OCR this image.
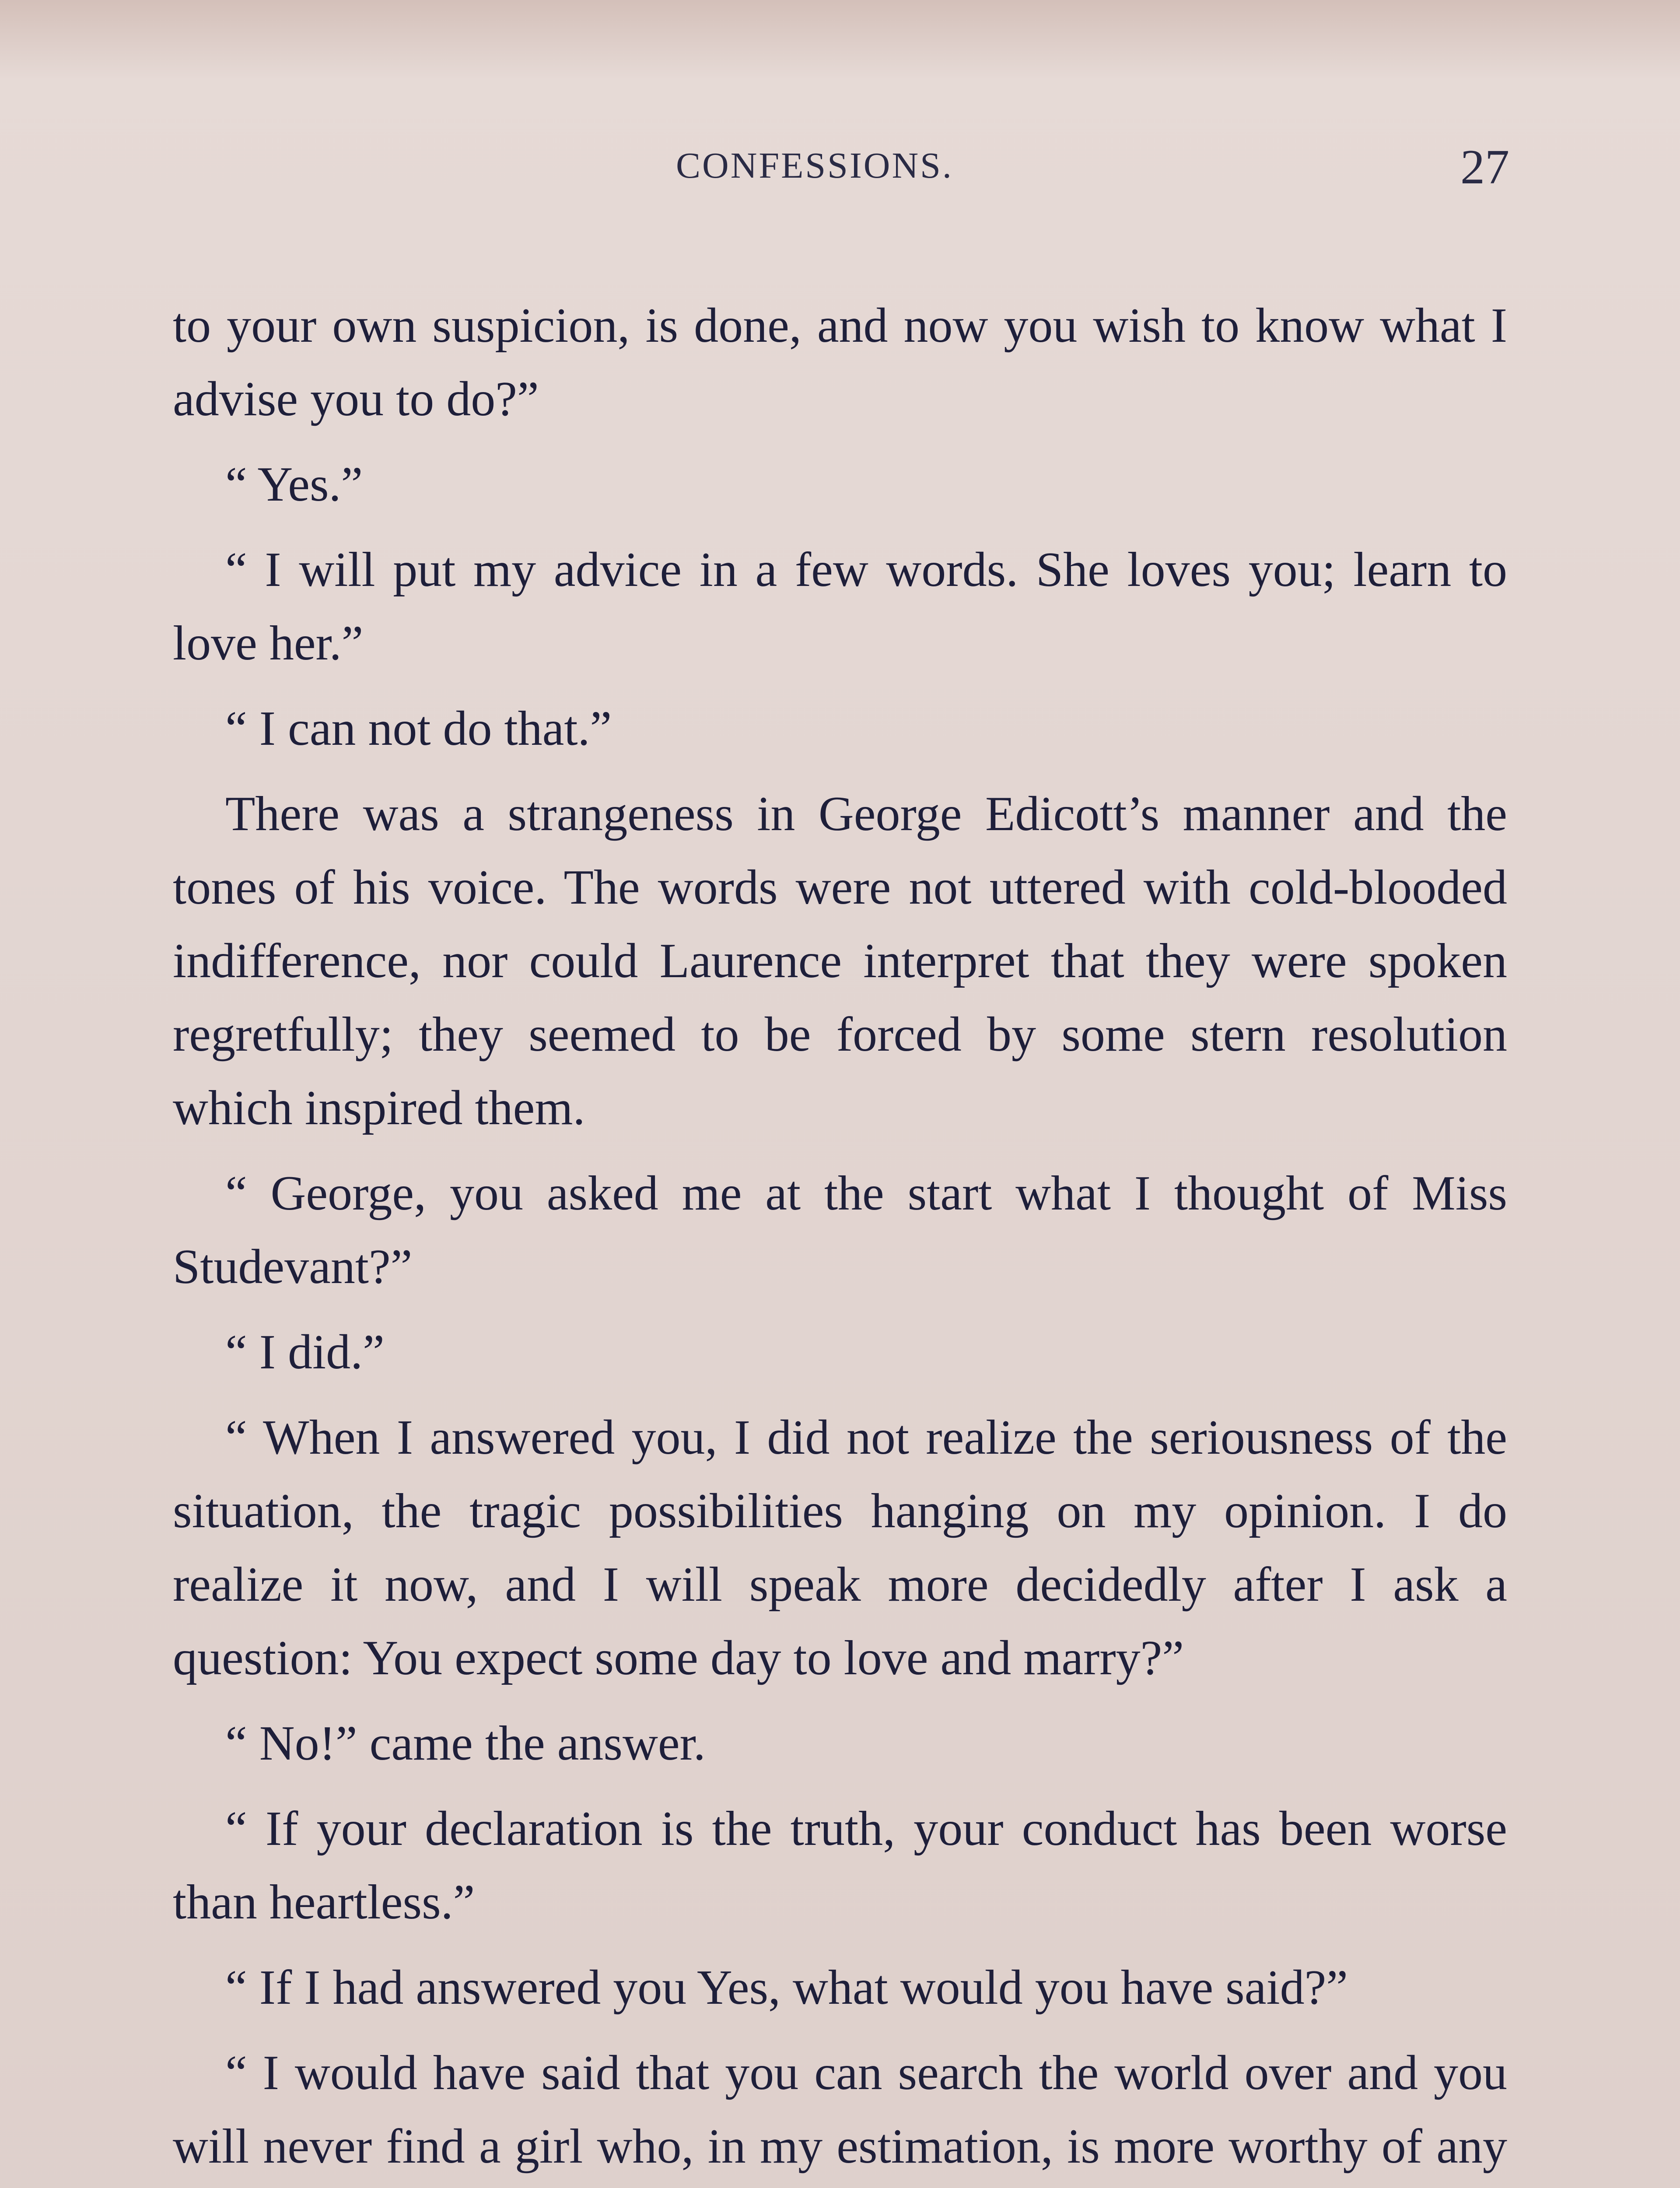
CONFESSIONS.	27

to your own suspicion, is done, and now you wish to know what I advise you to do?”

“ Yes.”

“ I will put my advice in a few words. She loves you; learn to love her.”

“ I can not do that.”

There was a strangeness in George Edicott’s manner and the tones of his voice. The words were not uttered with cold-blooded indifference, nor could Laurence interpret that they were spoken regretfully; they seemed to be forced by some stern resolution which inspired them.

“ George, you asked me at the start what I thought of Miss Studevant?”

“ I did.”

“ When I answered you, I did not realize the seriousness of the situation, the tragic possibilities hanging on my opinion. I do realize it now, and I will speak more decidedly after I ask a question: You expect some day to love and marry?”

“ No!” came the answer.

“ If your declaration is the truth, your conduct has been worse than heartless.”

“ If I had answered you Yes, what would you have said?”

“ I would have said that you can search the world over and you will never find a girl who, in my estimation, is more worthy of any
